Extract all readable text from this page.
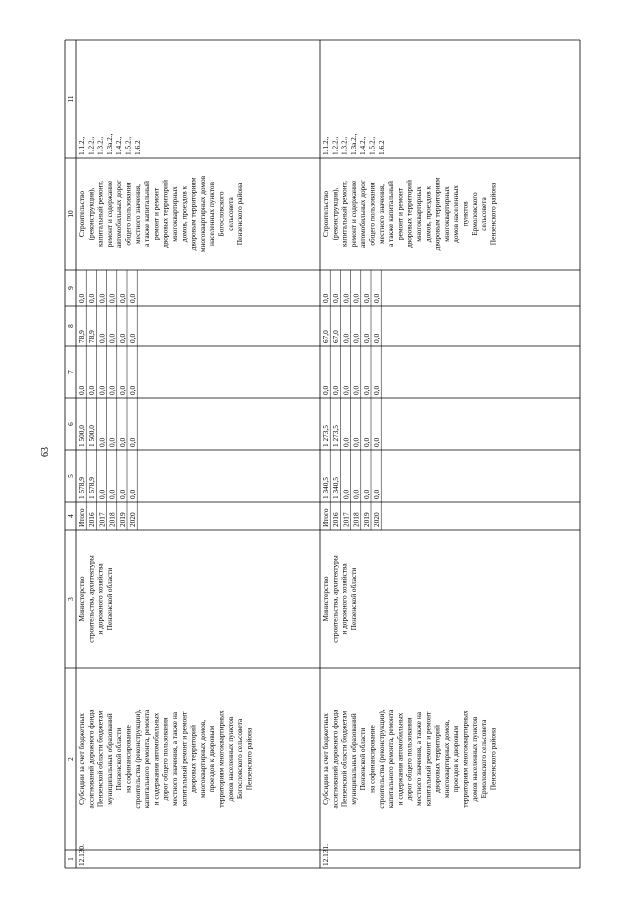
63
1
2
3
4
5
6
7
8
9
10
11
12.130.
Субсидии за счет бюджетных ассигнований дорожного фонда Пензенской области бюджетам муниципальных образований Пензенской области на софинансирование строительства (реконструкции), капитального ремонта, ремонта и содержания автомобильных дорог общего пользования местного значения, а также на капитальный ремонт и ремонт дворовых территорий многоквартирных домов, проездов к дворовым территориям многоквартирных домов населенных пунктов Богословского сельсовета Пензенского района
Министерство строительства, архитектуры и дорожного хозяйства Пензенской области
Итого 2016 2017 2018 2019 2020
1 578,9 1 578,9 0,0 0,0 0,0 0,0
1 500,0 1 500,0 0,0 0,0 0,0 0,0
0,0 0,0 0,0 0,0 0,0 0,0
78,9 78,9 0,0 0,0 0,0 0,0
0,0 0,0 0,0 0,0 0,0 0,0
Строительство (реконструкция), капитальный ремонт, ремонт и содержание автомобильных дорог общего пользования местного значения, а также капитальный ремонт и ремонт дворовых территорий многоквартирных домов, проездов к дворовым территориям многоквартирных домов населенных пунктов Богословского сельсовета Пензенского района
1.1.2., 1.2.2., 1.3.2., 1.3а.2., 1.4.2., 1.5.2., 1.6.2
12.131.
Субсидии за счет бюджетных ассигнований дорожного фонда Пензенской области бюджетам муниципальных образований Пензенской области на софинансирование строительства (реконструкции), капитального ремонта, ремонта и содержания автомобильных дорог общего пользования местного значения, а также на капитальный ремонт и ремонт дворовых территорий многоквартирных домов, проездов к дворовым территориям многоквартирных домов населенных пунктов Ермоловского сельсовета Пензенского района
Министерство строительства, архитектуры и дорожного хозяйства Пензенской области
Итого 2016 2017 2018 2019 2020
1 340,5 1 340,5 0,0 0,0 0,0 0,0
1 273,5 1 273,5 0,0 0,0 0,0 0,0
0,0 0,0 0,0 0,0 0,0 0,0
67,0 67,0 0,0 0,0 0,0 0,0
0,0 0,0 0,0 0,0 0,0 0,0
Строительство (реконструкция), капитальный ремонт, ремонт и содержание автомобильных дорог общего пользования местного значения, а также капитальный ремонт и ремонт дворовых территорий многоквартирных домов, проездов к дворовым территориям многоквартирных домов населенных пунктов Ермоловского сельсовета Пензенского района
1.1.2., 1.2.2., 1.3.2., 1.3а.2., 1.4.2., 1.5.2., 1.6.2
